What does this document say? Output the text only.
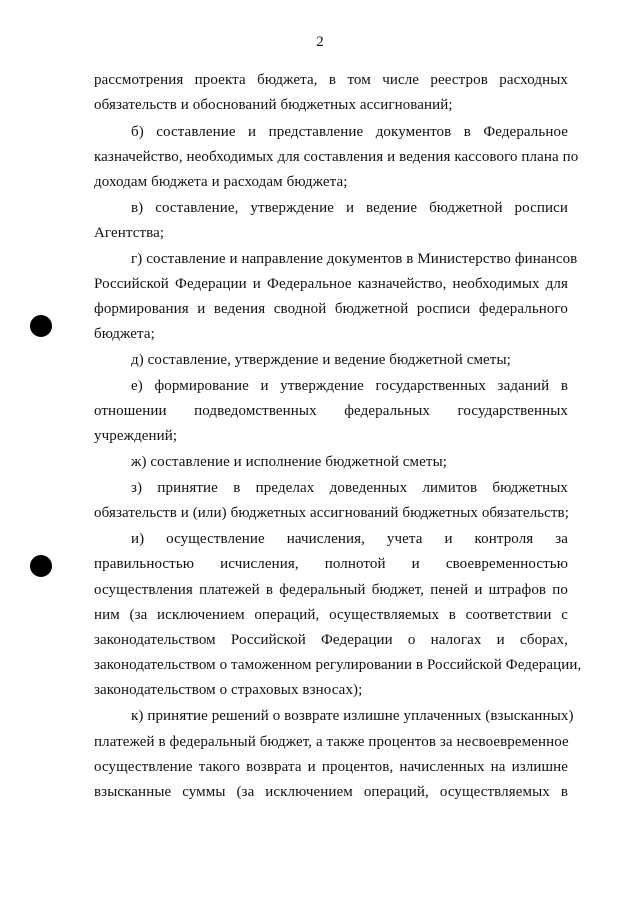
2
рассмотрения проекта бюджета, в том числе реестров расходных
обязательств и обоснований бюджетных ассигнований;
б) составление и представление документов в Федеральное
казначейство, необходимых для составления и ведения кассового плана по
доходам бюджета и расходам бюджета;
в) составление, утверждение и ведение бюджетной росписи
Агентства;
г) составление и направление документов в Министерство финансов
Российской Федерации и Федеральное казначейство, необходимых для
формирования и ведения сводной бюджетной росписи федерального
бюджета;
д) составление, утверждение и ведение бюджетной сметы;
е) формирование и утверждение государственных заданий в
отношении подведомственных федеральных государственных
учреждений;
ж) составление и исполнение бюджетной сметы;
з) принятие в пределах доведенных лимитов бюджетных
обязательств и (или) бюджетных ассигнований бюджетных обязательств;
и) осуществление начисления, учета и контроля за
правильностью исчисления, полнотой и своевременностью
осуществления платежей в федеральный бюджет, пеней и штрафов по
ним (за исключением операций, осуществляемых в соответствии с
законодательством Российской Федерации о налогах и сборах,
законодательством о таможенном регулировании в Российской Федерации,
законодательством о страховых взносах);
к) принятие решений о возврате излишне уплаченных (взысканных)
платежей в федеральный бюджет, а также процентов за несвоевременное
осуществление такого возврата и процентов, начисленных на излишне
взысканные суммы (за исключением операций, осуществляемых в
